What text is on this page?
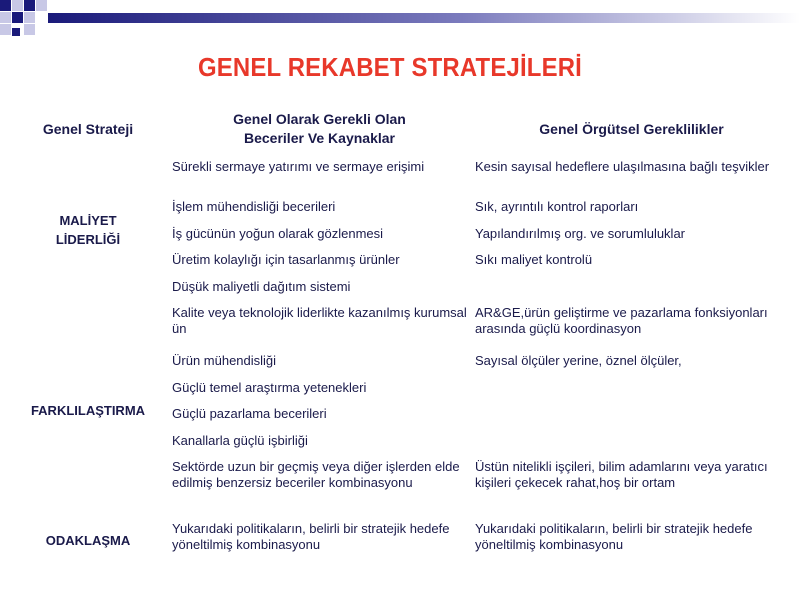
GENEL REKABET STRATEJİLERİ
Genel Strateji	Genel Olarak Gerekli Olan
Beceriler Ve Kaynaklar	Genel Örgütsel Gereklilikler
MALİYET
LİDERLİĞİ	Sürekli sermaye yatırımı ve sermaye erişimi	Kesin sayısal hedeflere ulaşılmasına bağlı teşvikler
	İşlem mühendisliği becerileri	Sık, ayrıntılı kontrol raporları
	İş gücünün yoğun olarak gözlenmesi	Yapılandırılmış org. ve sorumluluklar
	Üretim kolaylığı için tasarlanmış ürünler	Sıkı maliyet kontrolü
	Düşük maliyetli dağıtım sistemi	
FARKLILAŞTIRMA	Kalite veya teknolojik liderlikte kazanılmış kurumsal ün	AR&GE,ürün geliştirme ve pazarlama fonksiyonları arasında güçlü koordinasyon
	Ürün mühendisliği	Sayısal ölçüler yerine, öznel ölçüler,
	Güçlü temel araştırma yetenekleri	
	Güçlü pazarlama becerileri	
	Kanallarla güçlü işbirliği	
	Sektörde uzun bir geçmiş veya diğer işlerden elde edilmiş benzersiz beceriler kombinasyonu	Üstün nitelikli işçileri, bilim adamlarını veya yaratıcı kişileri çekecek rahat,hoş bir ortam
ODAKLAŞMA	Yukarıdaki politikaların, belirli bir stratejik hedefe yöneltilmiş kombinasyonu	Yukarıdaki politikaların, belirli bir stratejik hedefe yöneltilmiş kombinasyonu
